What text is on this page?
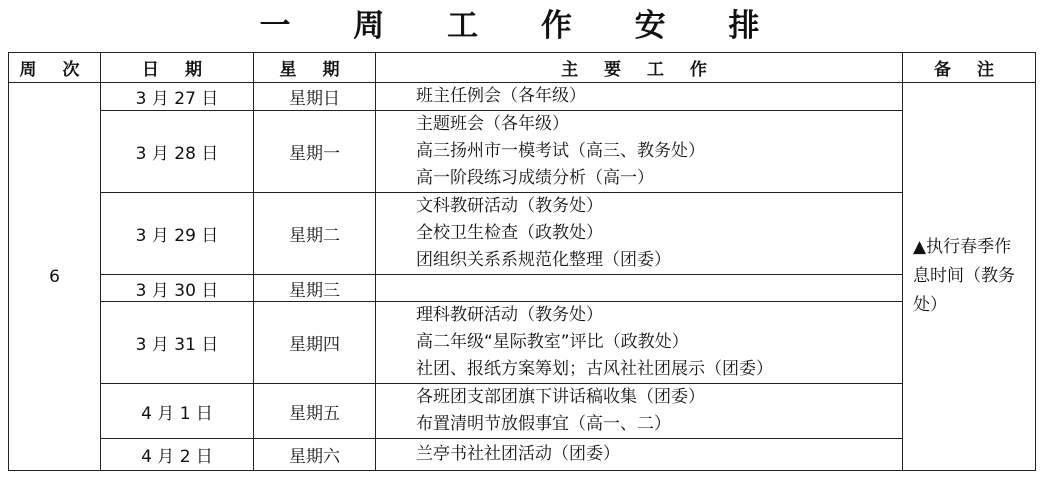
一 周 工 作 安 排
周 次	日 期	星 期	主 要 工 作	备 注
6	3 月 27 日	星期日	班主任例会（各年级）	▲执行春季作息时间（教务处）
	3 月 28 日	星期一	主题班会（各年级）
高三扬州市一模考试（高三、教务处）
高一阶段练习成绩分析（高一）	

	3 月 29 日	星期二	文科教研活动（教务处）
全校卫生检查（政教处）
团组织关系系规范化整理（团委）	

	3 月 30 日	星期三		
	3 月 31 日	星期四	理科教研活动（教务处）
高二年级“星际教室”评比（政教处）
社团、报纸方案筹划；古风社社团展示（团委）	

	4 月 1 日	星期五	各班团支部团旗下讲话稿收集（团委）
布置清明节放假事宜（高一、二）	

	4 月 2 日	星期六	兰亭书社社团活动（团委）	
